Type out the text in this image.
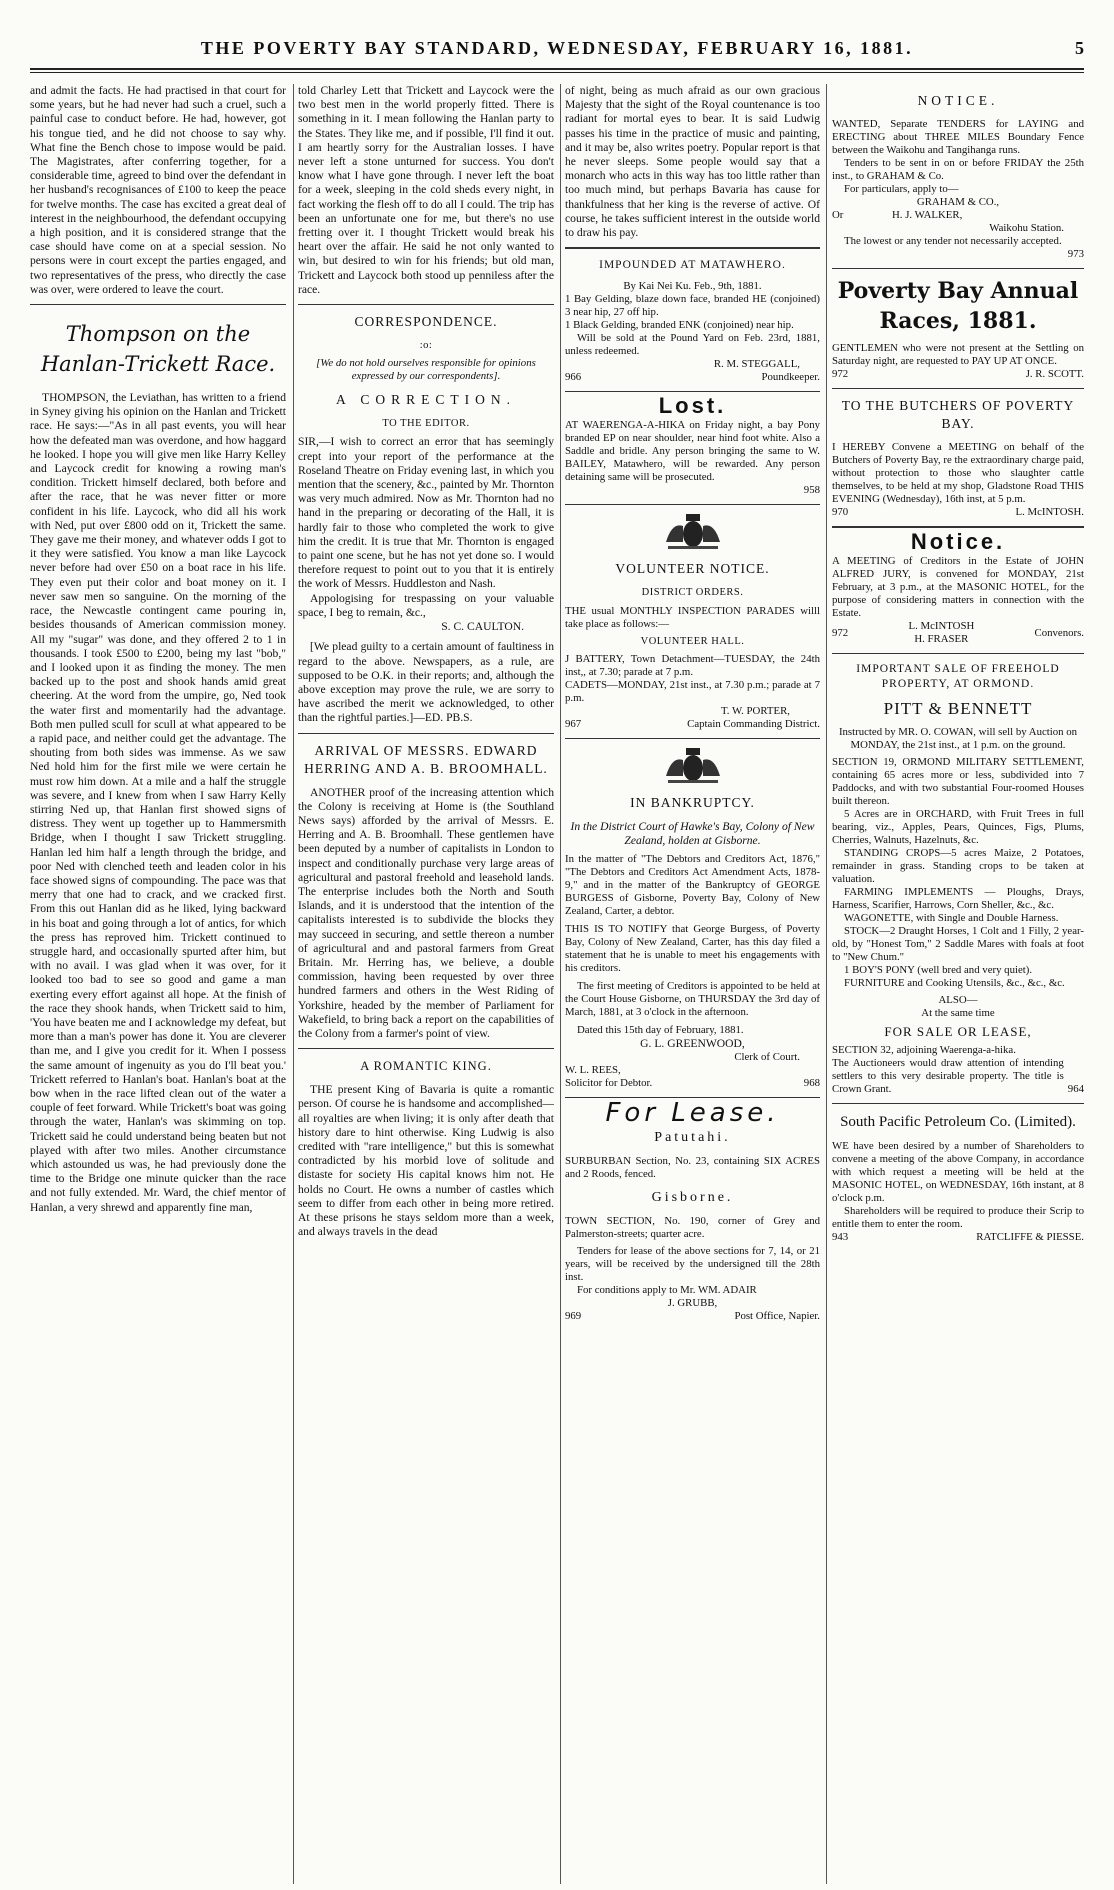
THE POVERTY BAY STANDARD, WEDNESDAY, FEBRUARY 16, 1881.	5

and admit the facts. He had practised in that court for some years, but he had never had such a cruel, such a painful case to conduct before. He had, however, got his tongue tied, and he did not choose to say why. What fine the Bench chose to impose would be paid. The Magistrates, after conferring together, for a considerable time, agreed to bind over the defendant in her husband's recognisances of £100 to keep the peace for twelve months. The case has excited a great deal of interest in the neighbourhood, the defendant occupying a high position, and it is considered strange that the case should have come on at a special session. No persons were in court except the parties engaged, and two representatives of the press, who directly the case was over, were ordered to leave the court.

Thompson on the Hanlan-Trickett Race.

THOMPSON, the Leviathan, has written to a friend in Syney giving his opinion on the Hanlan and Trickett race. He says:—"As in all past events, you will hear how the defeated man was overdone, and how haggard he looked. I hope you will give men like Harry Kelley and Laycock credit for knowing a rowing man's condition. Trickett himself declared, both before and after the race, that he was never fitter or more confident in his life. Laycock, who did all his work with Ned, put over £800 odd on it, Trickett the same. They gave me their money, and whatever odds I got to it they were satisfied. You know a man like Laycock never before had over £50 on a boat race in his life. They even put their color and boat money on it. I never saw men so sanguine. On the morning of the race, the Newcastle contingent came pouring in, besides thousands of American commission money. All my "sugar" was done, and they offered 2 to 1 in thousands. I took £500 to £200, being my last "bob," and I looked upon it as finding the money. The men backed up to the post and shook hands amid great cheering. At the word from the umpire, go, Ned took the water first and momentarily had the advantage. Both men pulled scull for scull at what appeared to be a rapid pace, and neither could get the advantage. The shouting from both sides was immense. As we saw Ned hold him for the first mile we were certain he must row him down. At a mile and a half the struggle was severe, and I knew from when I saw Harry Kelly stirring Ned up, that Hanlan first showed signs of distress. They went up together up to Hammersmith Bridge, when I thought I saw Trickett struggling. Hanlan led him half a length through the bridge, and poor Ned with clenched teeth and leaden color in his face showed signs of compounding. The pace was that merry that one had to crack, and we cracked first. From this out Hanlan did as he liked, lying backward in his boat and going through a lot of antics, for which the press has reproved him. Trickett continued to struggle hard, and occasionally spurted after him, but with no avail. I was glad when it was over, for it looked too bad to see so good and game a man exerting every effort against all hope. At the finish of the race they shook hands, when Trickett said to him, 'You have beaten me and I acknowledge my defeat, but more than a man's power has done it. You are cleverer than me, and I give you credit for it. When I possess the same amount of ingenuity as you do I'll beat you.' Trickett referred to Hanlan's boat. Hanlan's boat at the bow when in the race lifted clean out of the water a couple of feet forward. While Trickett's boat was going through the water, Hanlan's was skimming on top. Trickett said he could understand being beaten but not played with after two miles. Another circumstance which astounded us was, he had previously done the time to the Bridge one minute quicker than the race and not fully extended. Mr. Ward, the chief mentor of Hanlan, a very shrewd and apparently fine man,

told Charley Lett that Trickett and Laycock were the two best men in the world properly fitted. There is something in it. I mean following the Hanlan party to the States. They like me, and if possible, I'll find it out. I am heartly sorry for the Australian losses. I have never left a stone unturned for success. You don't know what I have gone through. I never left the boat for a week, sleeping in the cold sheds every night, in fact working the flesh off to do all I could. The trip has been an unfortunate one for me, but there's no use fretting over it. I thought Trickett would break his heart over the affair. He said he not only wanted to win, but desired to win for his friends; but old man, Trickett and Laycock both stood up penniless after the race.

CORRESPONDENCE.
:o:

[We do not hold ourselves responsible for opinions expressed by our correspondents].

A CORRECTION.
TO THE EDITOR.

SIR,—I wish to correct an error that has seemingly crept into your report of the performance at the Roseland Theatre on Friday evening last, in which you mention that the scenery, &c., painted by Mr. Thornton was very much admired. Now as Mr. Thornton had no hand in the preparing or decorating of the Hall, it is hardly fair to those who completed the work to give him the credit. It is true that Mr. Thornton is engaged to paint one scene, but he has not yet done so. I would therefore request to point out to you that it is entirely the work of Messrs. Huddleston and Nash.

Appologising for trespassing on your valuable space, I beg to remain, &c.,

S. C. CAULTON.

[We plead guilty to a certain amount of faultiness in regard to the above. Newspapers, as a rule, are supposed to be O.K. in their reports; and, although the above exception may prove the rule, we are sorry to have ascribed the merit we acknowledged, to other than the rightful parties.]—ED. PB.S.

ARRIVAL OF MESSRS. EDWARD HERRING AND A. B. BROOMHALL.

ANOTHER proof of the increasing attention which the Colony is receiving at Home is (the Southland News says) afforded by the arrival of Messrs. E. Herring and A. B. Broomhall. These gentlemen have been deputed by a number of capitalists in London to inspect and conditionally purchase very large areas of agricultural and pastoral freehold and leasehold lands. The enterprise includes both the North and South Islands, and it is understood that the intention of the capitalists interested is to subdivide the blocks they may succeed in securing, and settle thereon a number of agricultural and and pastoral farmers from Great Britain. Mr. Herring has, we believe, a double commission, having been requested by over three hundred farmers and others in the West Riding of Yorkshire, headed by the member of Parliament for Wakefield, to bring back a report on the capabilities of the Colony from a farmer's point of view.

A ROMANTIC KING.

THE present King of Bavaria is quite a romantic person. Of course he is handsome and accomplished—all royalties are when living; it is only after death that history dare to hint otherwise. King Ludwig is also credited with "rare intelligence," but this is somewhat contradicted by his morbid love of solitude and distaste for society His capital knows him not. He holds no Court. He owns a number of castles which seem to differ from each other in being more retired. At these prisons he stays seldom more than a week, and always travels in the dead

of night, being as much afraid as our own gracious Majesty that the sight of the Royal countenance is too radiant for mortal eyes to bear. It is said Ludwig passes his time in the practice of music and painting, and it may be, also writes poetry. Popular report is that he never sleeps. Some people would say that a monarch who acts in this way has too little rather than too much mind, but perhaps Bavaria has cause for thankfulness that her king is the reverse of active. Of course, he takes sufficient interest in the outside world to draw his pay.

IMPOUNDED AT MATAWHERO.

By Kai Nei Ku. Feb., 9th, 1881.

1 Bay Gelding, blaze down face, branded HE (conjoined) 3 near hip, 27 off hip.

1 Black Gelding, branded ENK (conjoined) near hip.

Will be sold at the Pound Yard on Feb. 23rd, 1881, unless redeemed.

R. M. STEGGALL,

966	Poundkeeper.
Lost.

AT WAERENGA-A-HIKA on Friday night, a bay Pony branded EP on near shoulder, near hind foot white. Also a Saddle and bridle. Any person bringing the same to W. BAILEY, Matawhero, will be rewarded. Any person detaining same will be prosecuted.

958

VOLUNTEER NOTICE.
DISTRICT ORDERS.

THE usual MONTHLY INSPECTION PARADES willl take place as follows:—

VOLUNTEER HALL.

J BATTERY, Town Detachment—TUESDAY, the 24th inst,, at 7.30; parade at 7 p.m.

CADETS—MONDAY, 21st inst., at 7.30 p.m.; parade at 7 p.m.

T. W. PORTER,

967	Captain Commanding District.
IN BANKRUPTCY.

In the District Court of Hawke's Bay, Colony of New Zealand, holden at Gisborne.

In the matter of "The Debtors and Creditors Act, 1876," "The Debtors and Creditors Act Amendment Acts, 1878-9," and in the matter of the Bankruptcy of GEORGE BURGESS of Gisborne, Poverty Bay, Colony of New Zealand, Carter, a debtor.

THIS IS TO NOTIFY that George Burgess, of Poverty Bay, Colony of New Zealand, Carter, has this day filed a statement that he is unable to meet his engagements with his creditors.

The first meeting of Creditors is appointed to be held at the Court House Gisborne, on THURSDAY the 3rd day of March, 1881, at 3 o'clock in the afternoon.

Dated this 15th day of February, 1881.

G. L. GREENWOOD,

Clerk of Court.

W. L. REES,

Solicitor for Debtor.	968
For Lease.
Patutahi.

SURBURBAN Section, No. 23, containing SIX ACRES and 2 Roods, fenced.

Gisborne.

TOWN SECTION, No. 190, corner of Grey and Palmerston-streets; quarter acre.

Tenders for lease of the above sections for 7, 14, or 21 years, will be received by the undersigned till the 28th inst.

For conditions apply to Mr. WM. ADAIR

J. GRUBB,

969	Post Office, Napier.
NOTICE.

WANTED, Separate TENDERS for LAYING and ERECTING about THREE MILES Boundary Fence between the Waikohu and Tangihanga runs.

Tenders to be sent in on or before FRIDAY the 25th inst., to GRAHAM & Co.

For particulars, apply to—

GRAHAM & CO.,

Or	H. J. WALKER,

Waikohu Station.

The lowest or any tender not necessarily accepted.

973

Poverty Bay Annual Races, 1881.

GENTLEMEN who were not present at the Settling on Saturday night, are requested to PAY UP AT ONCE.

972	J. R. SCOTT.
TO THE BUTCHERS OF POVERTY BAY.

I HEREBY Convene a MEETING on behalf of the Butchers of Poverty Bay, re the extraordinary charge paid, without protection to those who slaughter cattle themselves, to be held at my shop, Gladstone Road THIS EVENING (Wednesday), 16th inst, at 5 p.m.

970	L. McINTOSH.
Notice.

A MEETING of Creditors in the Estate of JOHN ALFRED JURY, is convened for MONDAY, 21st February, at 3 p.m., at the MASONIC HOTEL, for the purpose of considering matters in connection with the Estate.

972
L. McINTOSH
H. FRASER
Convenors.
IMPORTANT SALE OF FREEHOLD PROPERTY, AT ORMOND.
PITT & BENNETT

Instructed by MR. O. COWAN, will sell by Auction on MONDAY, the 21st inst., at 1 p.m. on the ground.

SECTION 19, ORMOND MILITARY SETTLEMENT, containing 65 acres more or less, subdivided into 7 Paddocks, and with two substantial Four-roomed Houses built thereon.

5 Acres are in ORCHARD, with Fruit Trees in full bearing, viz., Apples, Pears, Quinces, Figs, Plums, Cherries, Walnuts, Hazelnuts, &c.

STANDING CROPS—5 acres Maize, 2 Potatoes, remainder in grass. Standing crops to be taken at valuation.

FARMING IMPLEMENTS — Ploughs, Drays, Harness, Scarifier, Harrows, Corn Sheller, &c., &c.

WAGONETTE, with Single and Double Harness.

STOCK—2 Draught Horses, 1 Colt and 1 Filly, 2 year-old, by "Honest Tom," 2 Saddle Mares with foals at foot to "New Chum."

1 BOY'S PONY (well bred and very quiet).

FURNITURE and Cooking Utensils, &c., &c., &c.

ALSO—

At the same time

FOR SALE OR LEASE,

SECTION 32, adjoining Waerenga-a-hika.

The Auctioneers would draw attention of intending settlers to this very desirable property. The title is Crown Grant.	964
South Pacific Petroleum Co. (Limited).

WE have been desired by a number of Shareholders to convene a meeting of the above Company, in accordance with which request a meeting will be held at the MASONIC HOTEL, on WEDNESDAY, 16th instant, at 8 o'clock p.m.

Shareholders will be required to produce their Scrip to entitle them to enter the room.

943	RATCLIFFE & PIESSE.
